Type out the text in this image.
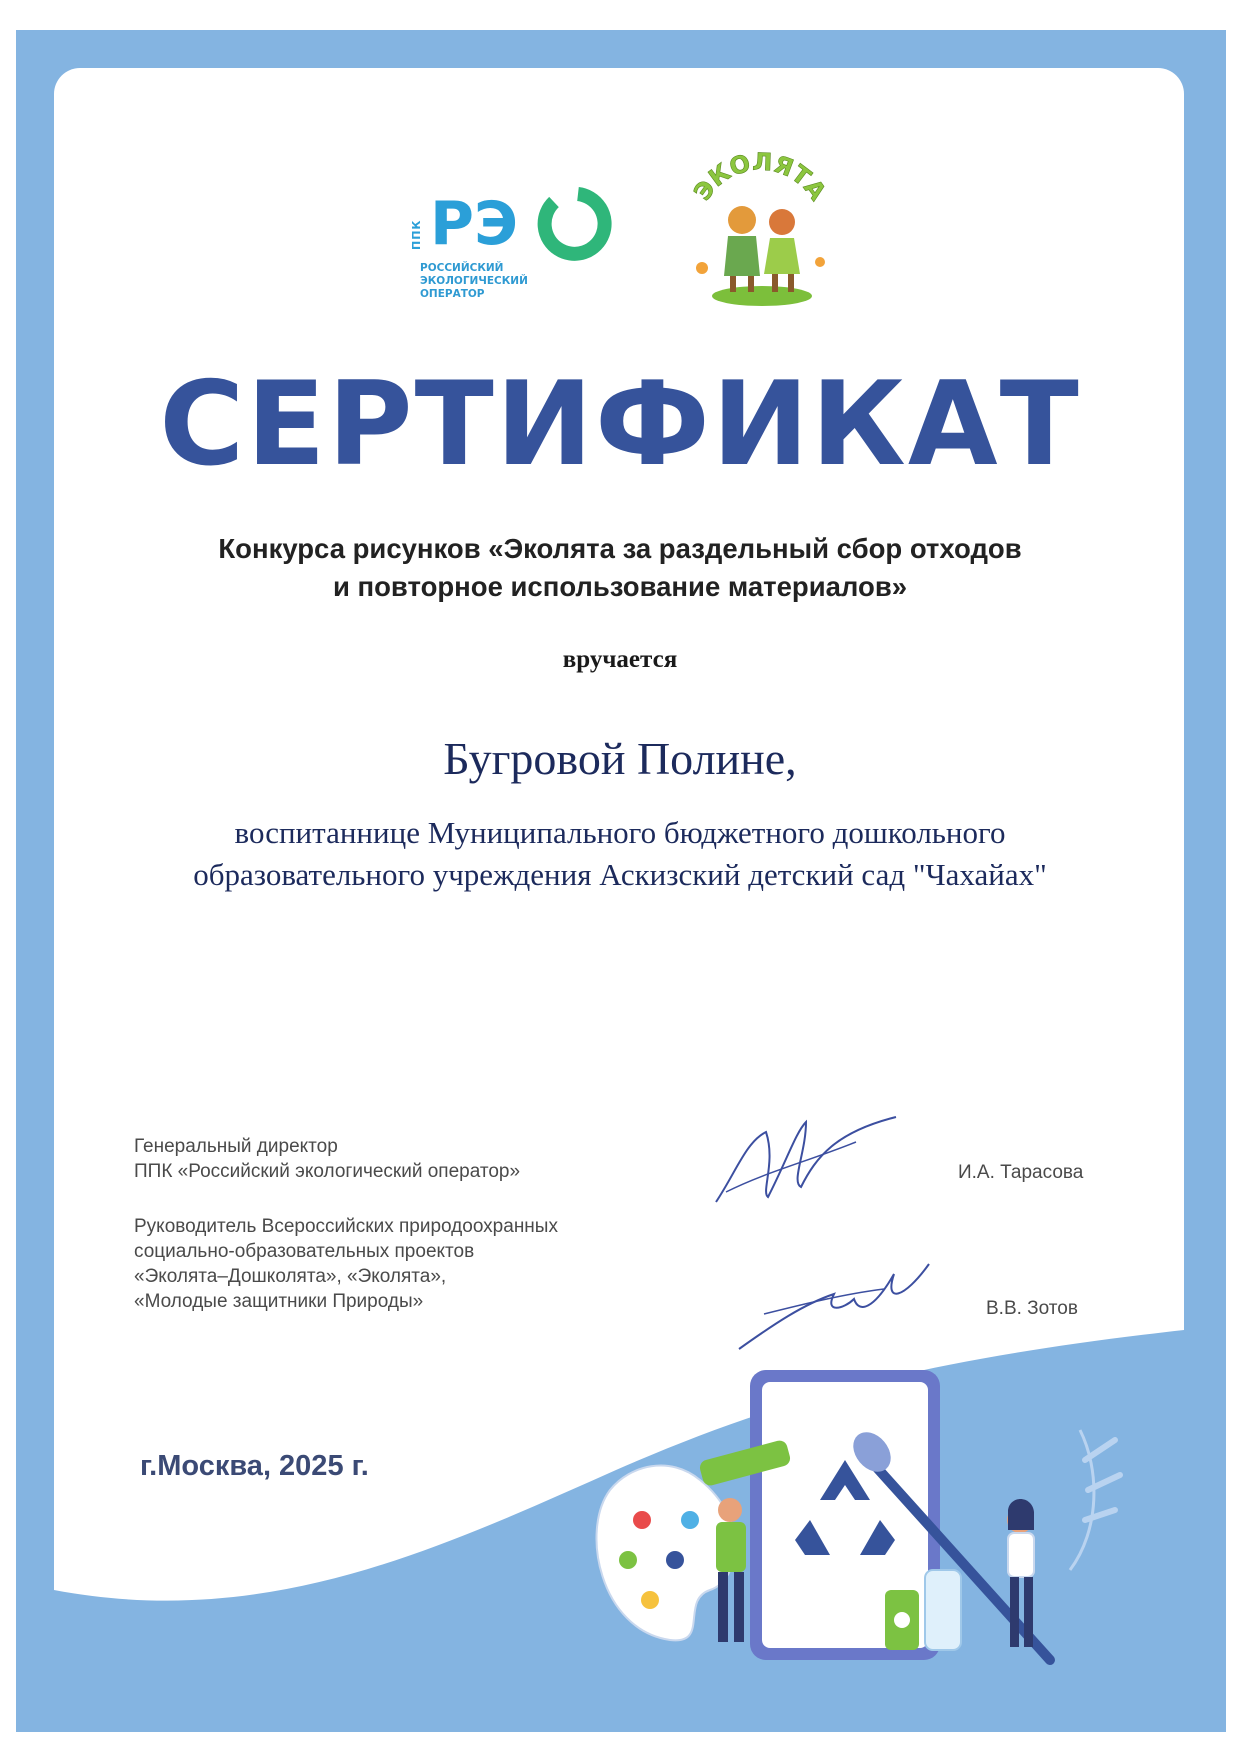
ППК РЭ
РОССИЙСКИЙ
ЭКОЛОГИЧЕСКИЙ
ОПЕРАТОР
ЭКОЛЯТА
СЕРТИФИКАТ
Конкурса рисунков «Эколята за раздельный сбор отходов
и повторное использование материалов»
вручается
Бугровой Полине,
воспитаннице Муниципального бюджетного дошкольного
образовательного учреждения Аскизский детский сад "Чахайах"
Генеральный директор
ППК «Российский экологический оператор»	И.А. Тарасова
Руководитель Всероссийских природоохранных
социально-образовательных проектов
«Эколята–Дошколята», «Эколята»,
«Молодые защитники Природы»	В.В. Зотов
г.Москва, 2025 г.
